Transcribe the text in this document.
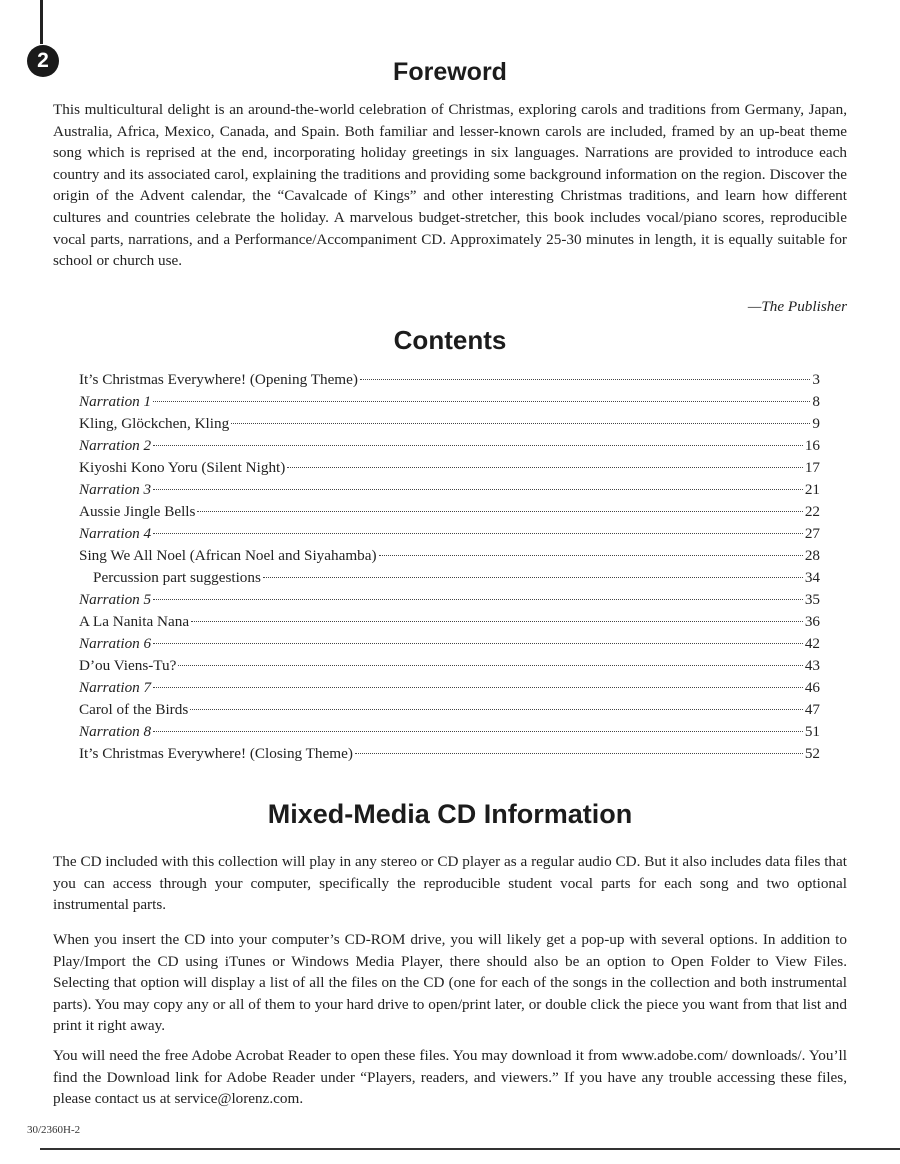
2	Foreword

This multicultural delight is an around-the-world celebration of Christmas, exploring carols and traditions from Germany, Japan, Australia, Africa, Mexico, Canada, and Spain. Both familiar and lesser-known carols are included, framed by an up-beat theme song which is reprised at the end, incorporating holiday greetings in six languages. Narrations are provided to introduce each country and its associated carol, explaining the traditions and providing some background information on the region. Discover the origin of the Advent calendar, the “Cavalcade of Kings” and other interesting Christmas traditions, and learn how different cultures and countries celebrate the holiday. A marvelous budget-stretcher, this book includes vocal/piano scores, reproducible vocal parts, narrations, and a Performance/Accompaniment CD. Approximately 25-30 minutes in length, it is equally suitable for school or church use.

—The Publisher

Contents
It’s Christmas Everywhere! (Opening Theme)	3
Narration 1	8
Kling, Glöckchen, Kling	9
Narration 2	16
Kiyoshi Kono Yoru (Silent Night)	17
Narration 3	21
Aussie Jingle Bells	22
Narration 4	27
Sing We All Noel (African Noel and Siyahamba)	28
Percussion part suggestions	34
Narration 5	35
A La Nanita Nana	36
Narration 6	42
D’ou Viens-Tu?	43
Narration 7	46
Carol of the Birds	47
Narration 8	51
It’s Christmas Everywhere! (Closing Theme)	52
Mixed-Media CD Information

The CD included with this collection will play in any stereo or CD player as a regular audio CD. But it also includes data files that you can access through your computer, specifically the reproducible student vocal parts for each song and two optional instrumental parts.

When you insert the CD into your computer’s CD-ROM drive, you will likely get a pop-up with several options. In addition to Play/Import the CD using iTunes or Windows Media Player, there should also be an option to Open Folder to View Files. Selecting that option will display a list of all the files on the CD (one for each of the songs in the collection and both instrumental parts). You may copy any or all of them to your hard drive to open/print later, or double click the piece you want from that list and print it right away.

You will need the free Adobe Acrobat Reader to open these files. You may download it from www.adobe.com/ downloads/. You’ll find the Download link for Adobe Reader under “Players, readers, and viewers.” If you have any trouble accessing these files, please contact us at service@lorenz.com.

30/2360H-2
